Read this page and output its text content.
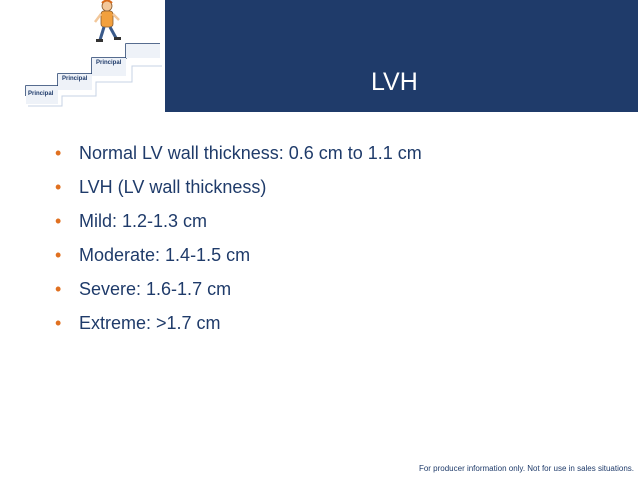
LVH
Principal
Principal
Principal
• Normal LV wall thickness: 0.6 cm to 1.1 cm
• LVH (LV wall thickness)
• Mild: 1.2-1.3 cm
• Moderate: 1.4-1.5 cm
• Severe: 1.6-1.7 cm
• Extreme: >1.7 cm
For producer information only. Not for use in sales situations.
